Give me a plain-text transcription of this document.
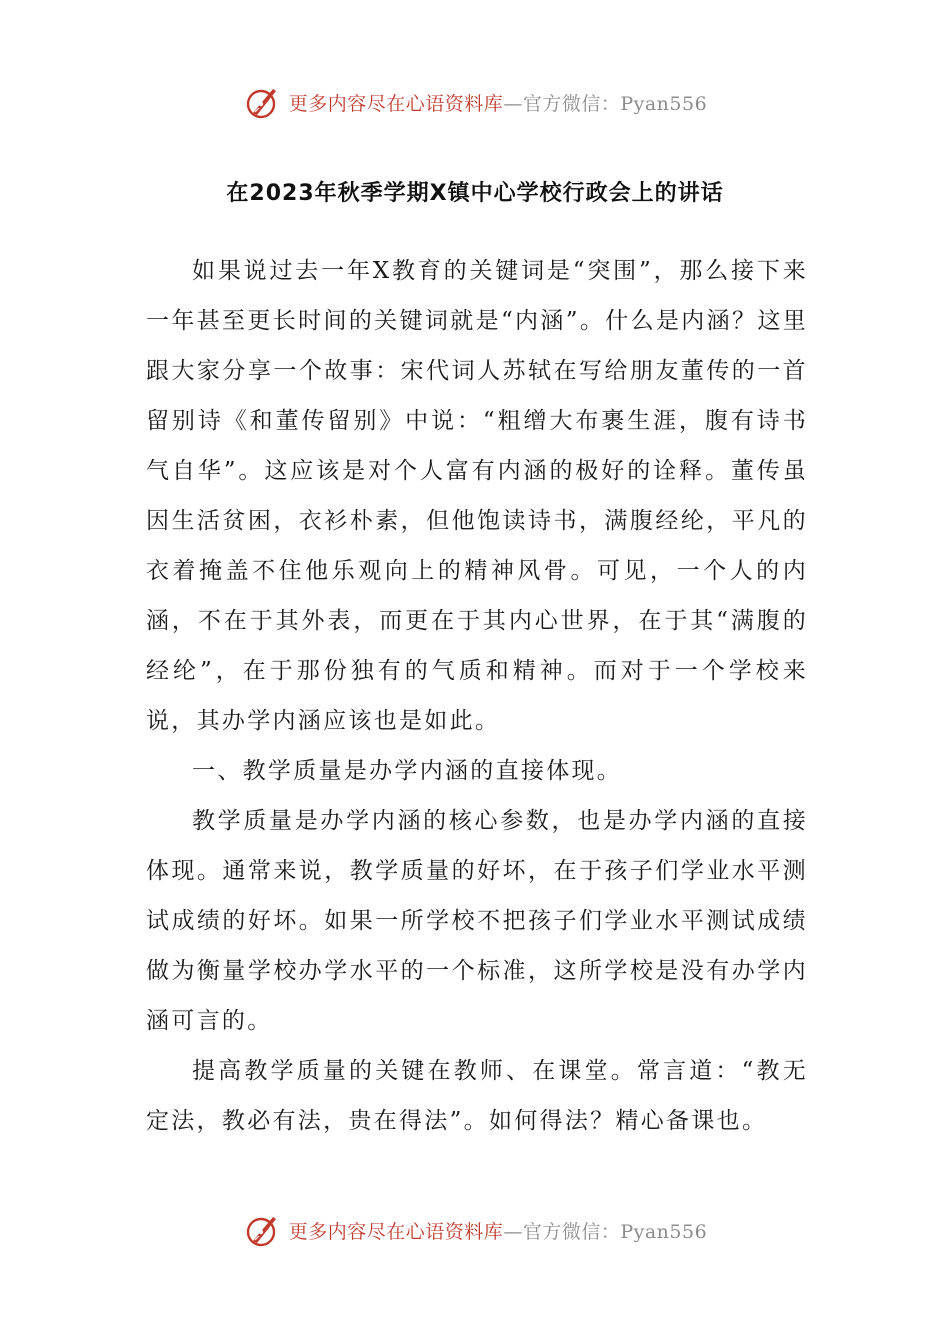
更多内容尽在心语资料库—官方微信：Pyan556
在2023年秋季学期X镇中心学校行政会上的讲话

如果说过去一年X教育的关键词是“突围”，那么接下来一年甚至更长时间的关键词就是“内涵”。什么是内涵？这里跟大家分享一个故事：宋代词人苏轼在写给朋友董传的一首留别诗《和董传留别》中说：“粗缯大布裹生涯，腹有诗书气自华”。这应该是对个人富有内涵的极好的诠释。董传虽因生活贫困，衣衫朴素，但他饱读诗书，满腹经纶，平凡的衣着掩盖不住他乐观向上的精神风骨。可见，一个人的内涵，不在于其外表，而更在于其内心世界，在于其“满腹的经纶”，在于那份独有的气质和精神。而对于一个学校来说，其办学内涵应该也是如此。

一、教学质量是办学内涵的直接体现。

教学质量是办学内涵的核心参数，也是办学内涵的直接体现。通常来说，教学质量的好坏，在于孩子们学业水平测试成绩的好坏。如果一所学校不把孩子们学业水平测试成绩做为衡量学校办学水平的一个标准，这所学校是没有办学内涵可言的。

提高教学质量的关键在教师、在课堂。常言道：“教无定法，教必有法，贵在得法”。如何得法？精心备课也。

更多内容尽在心语资料库—官方微信：Pyan556
